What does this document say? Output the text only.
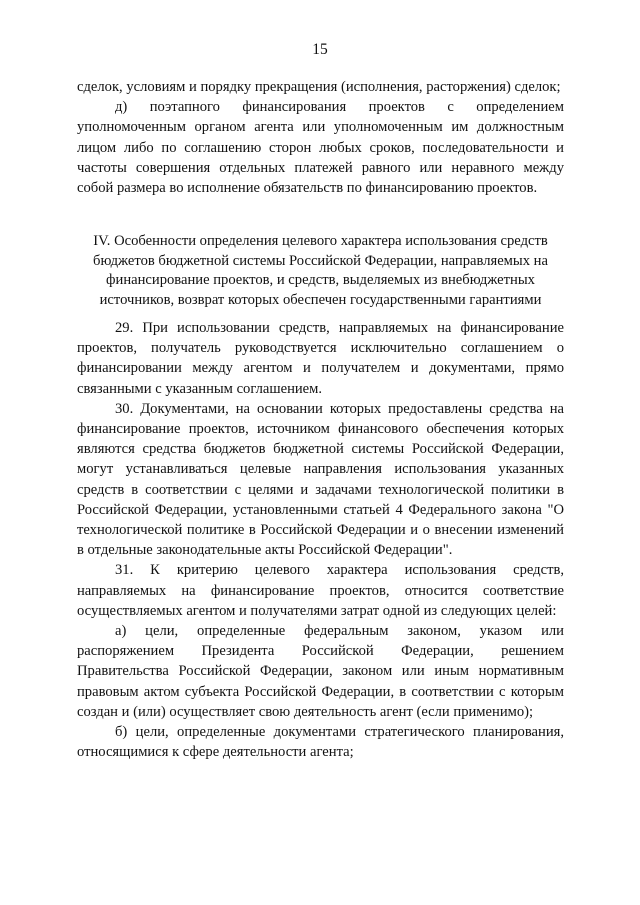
15

сделок, условиям и порядку прекращения (исполнения, расторжения) сделок;

д) поэтапного финансирования проектов с определением уполномоченным органом агента или уполномоченным им должностным лицом либо по соглашению сторон любых сроков, последовательности и частоты совершения отдельных платежей равного или неравного между собой размера во исполнение обязательств по финансированию проектов.

IV. Особенности определения целевого характера использования средств бюджетов бюджетной системы Российской Федерации, направляемых на финансирование проектов, и средств, выделяемых из внебюджетных источников, возврат которых обеспечен государственными гарантиями

29. При использовании средств, направляемых на финансирование проектов, получатель руководствуется исключительно соглашением о финансировании между агентом и получателем и документами, прямо связанными с указанным соглашением.

30. Документами, на основании которых предоставлены средства на финансирование проектов, источником финансового обеспечения которых являются средства бюджетов бюджетной системы Российской Федерации, могут устанавливаться целевые направления использования указанных средств в соответствии с целями и задачами технологической политики в Российской Федерации, установленными статьей 4 Федерального закона "О технологической политике в Российской Федерации и о внесении изменений в отдельные законодательные акты Российской Федерации".

31. К критерию целевого характера использования средств, направляемых на финансирование проектов, относится соответствие осуществляемых агентом и получателями затрат одной из следующих целей:

а) цели, определенные федеральным законом, указом или распоряжением Президента Российской Федерации, решением Правительства Российской Федерации, законом или иным нормативным правовым актом субъекта Российской Федерации, в соответствии с которым создан и (или) осуществляет свою деятельность агент (если применимо);

б) цели, определенные документами стратегического планирования, относящимися к сфере деятельности агента;
